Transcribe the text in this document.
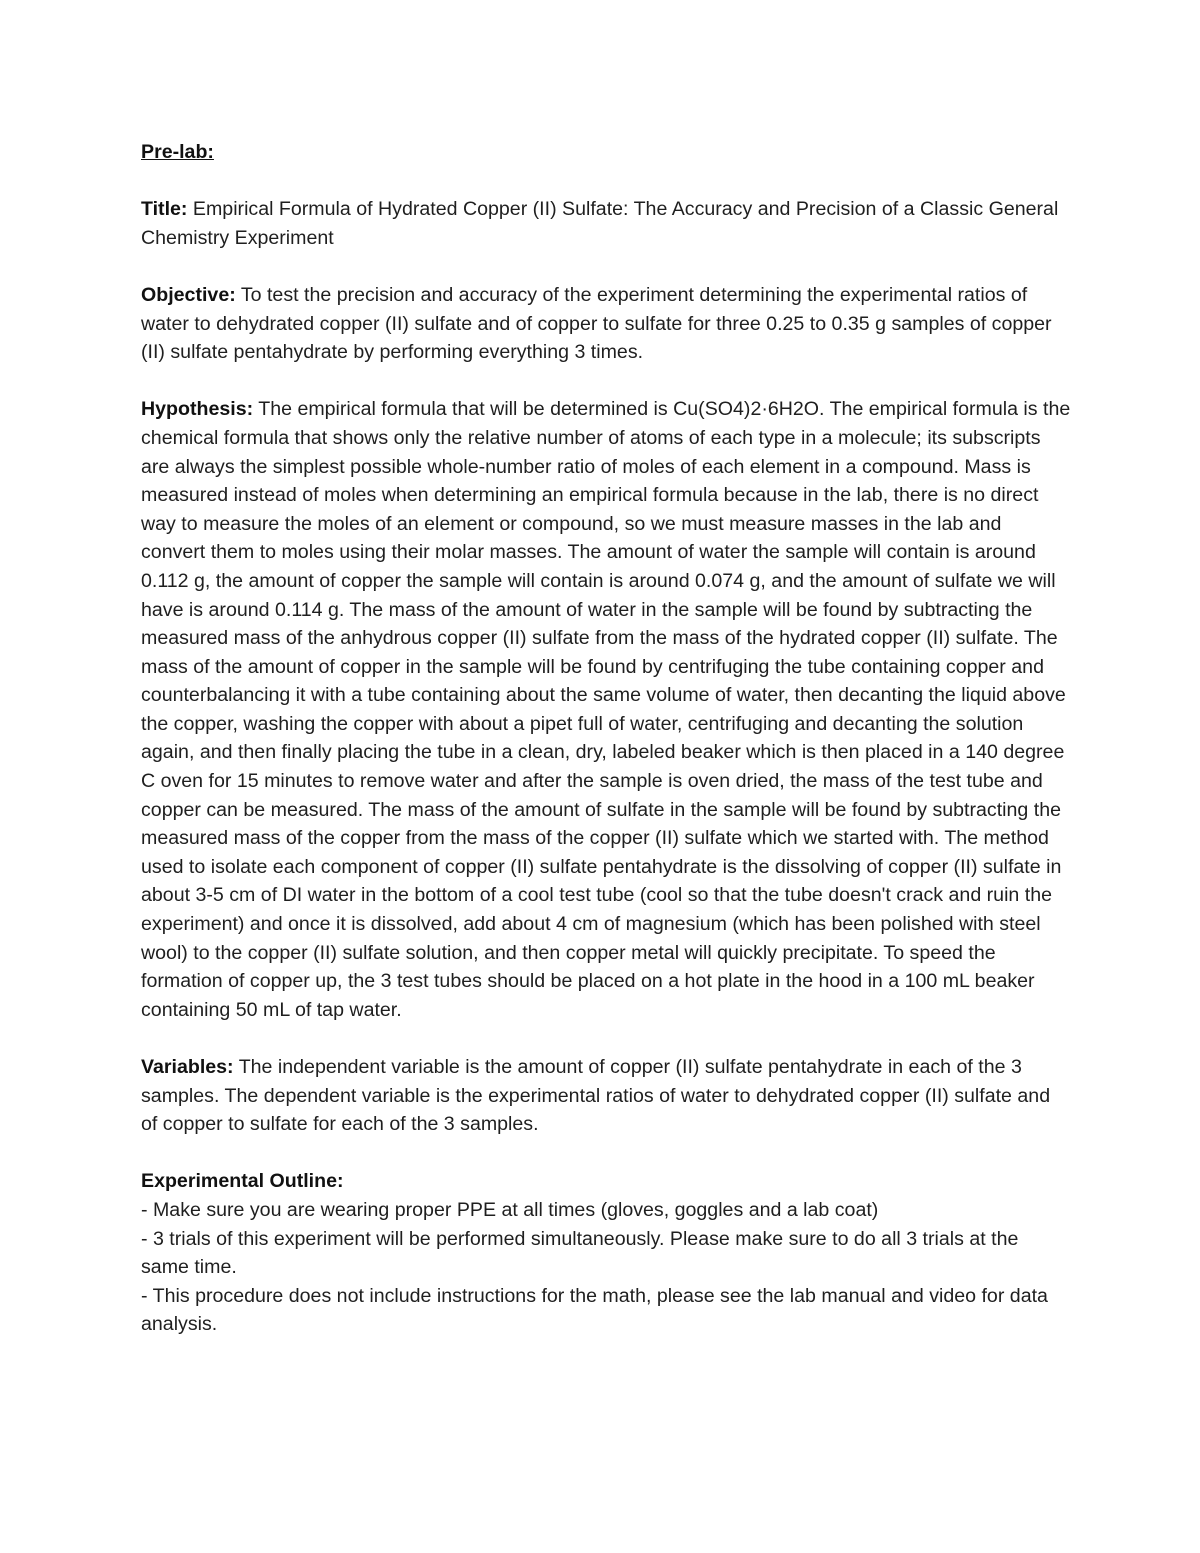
Pre-lab:

Title: Empirical Formula of Hydrated Copper (II) Sulfate: The Accuracy and Precision of a Classic General Chemistry Experiment

Objective: To test the precision and accuracy of the experiment determining the experimental ratios of water to dehydrated copper (II) sulfate and of copper to sulfate for three 0.25 to 0.35 g samples of copper (II) sulfate pentahydrate by performing everything 3 times.

Hypothesis: The empirical formula that will be determined is Cu(SO4)2·6H2O. The empirical formula is the chemical formula that shows only the relative number of atoms of each type in a molecule; its subscripts are always the simplest possible whole-number ratio of moles of each element in a compound. Mass is measured instead of moles when determining an empirical formula because in the lab, there is no direct way to measure the moles of an element or compound, so we must measure masses in the lab and convert them to moles using their molar masses. The amount of water the sample will contain is around 0.112 g, the amount of copper the sample will contain is around 0.074 g, and the amount of sulfate we will have is around 0.114 g. The mass of the amount of water in the sample will be found by subtracting the measured mass of the anhydrous copper (II) sulfate from the mass of the hydrated copper (II) sulfate. The mass of the amount of copper in the sample will be found by centrifuging the tube containing copper and counterbalancing it with a tube containing about the same volume of water, then decanting the liquid above the copper, washing the copper with about a pipet full of water, centrifuging and decanting the solution again, and then finally placing the tube in a clean, dry, labeled beaker which is then placed in a 140 degree C oven for 15 minutes to remove water and after the sample is oven dried, the mass of the test tube and copper can be measured. The mass of the amount of sulfate in the sample will be found by subtracting the measured mass of the copper from the mass of the copper (II) sulfate which we started with. The method used to isolate each component of copper (II) sulfate pentahydrate is the dissolving of copper (II) sulfate in about 3-5 cm of DI water in the bottom of a cool test tube (cool so that the tube doesn't crack and ruin the experiment) and once it is dissolved, add about 4 cm of magnesium (which has been polished with steel wool) to the copper (II) sulfate solution, and then copper metal will quickly precipitate. To speed the formation of copper up, the 3 test tubes should be placed on a hot plate in the hood in a 100 mL beaker containing 50 mL of tap water.

Variables: The independent variable is the amount of copper (II) sulfate pentahydrate in each of the 3 samples. The dependent variable is the experimental ratios of water to dehydrated copper (II) sulfate and of copper to sulfate for each of the 3 samples.

Experimental Outline:

- Make sure you are wearing proper PPE at all times (gloves, goggles and a lab coat)

- 3 trials of this experiment will be performed simultaneously. Please make sure to do all 3 trials at the same time.

- This procedure does not include instructions for the math, please see the lab manual and video for data analysis.
